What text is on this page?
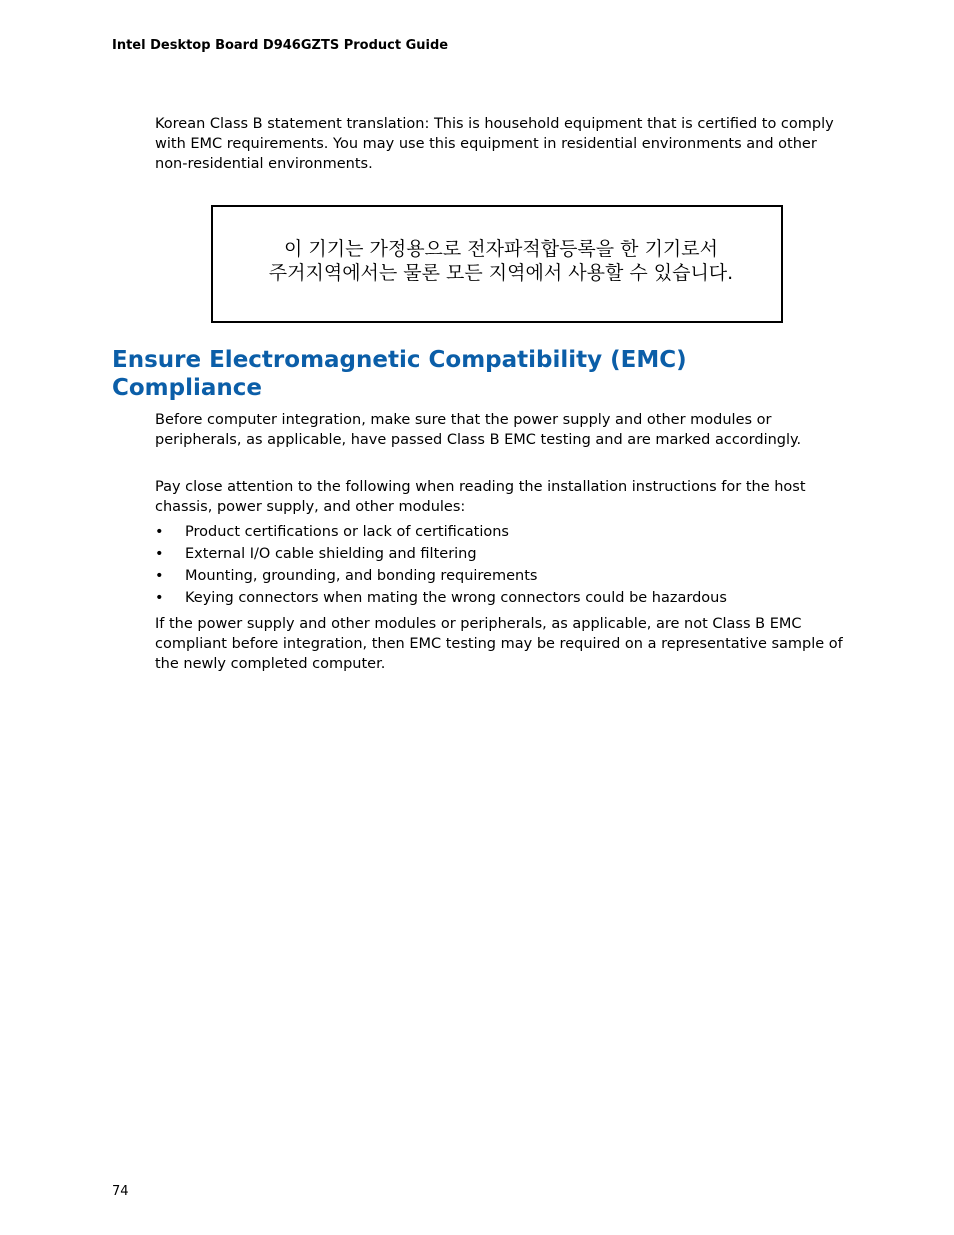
Intel Desktop Board D946GZTS Product Guide

Korean Class B statement translation: This is household equipment that is certified to comply with EMC requirements. You may use this equipment in residential environments and other non-residential environments.

이 기기는 가정용으로 전자파적합등록을 한 기기로서
주거지역에서는 물론 모든 지역에서 사용할 수 있습니다.

Ensure Electromagnetic Compatibility (EMC) Compliance

Before computer integration, make sure that the power supply and other modules or peripherals, as applicable, have passed Class B EMC testing and are marked accordingly.

Pay close attention to the following when reading the installation instructions for the host chassis, power supply, and other modules:

• Product certifications or lack of certifications
• External I/O cable shielding and filtering
• Mounting, grounding, and bonding requirements
• Keying connectors when mating the wrong connectors could be hazardous

If the power supply and other modules or peripherals, as applicable, are not Class B EMC compliant before integration, then EMC testing may be required on a representative sample of the newly completed computer.

74
